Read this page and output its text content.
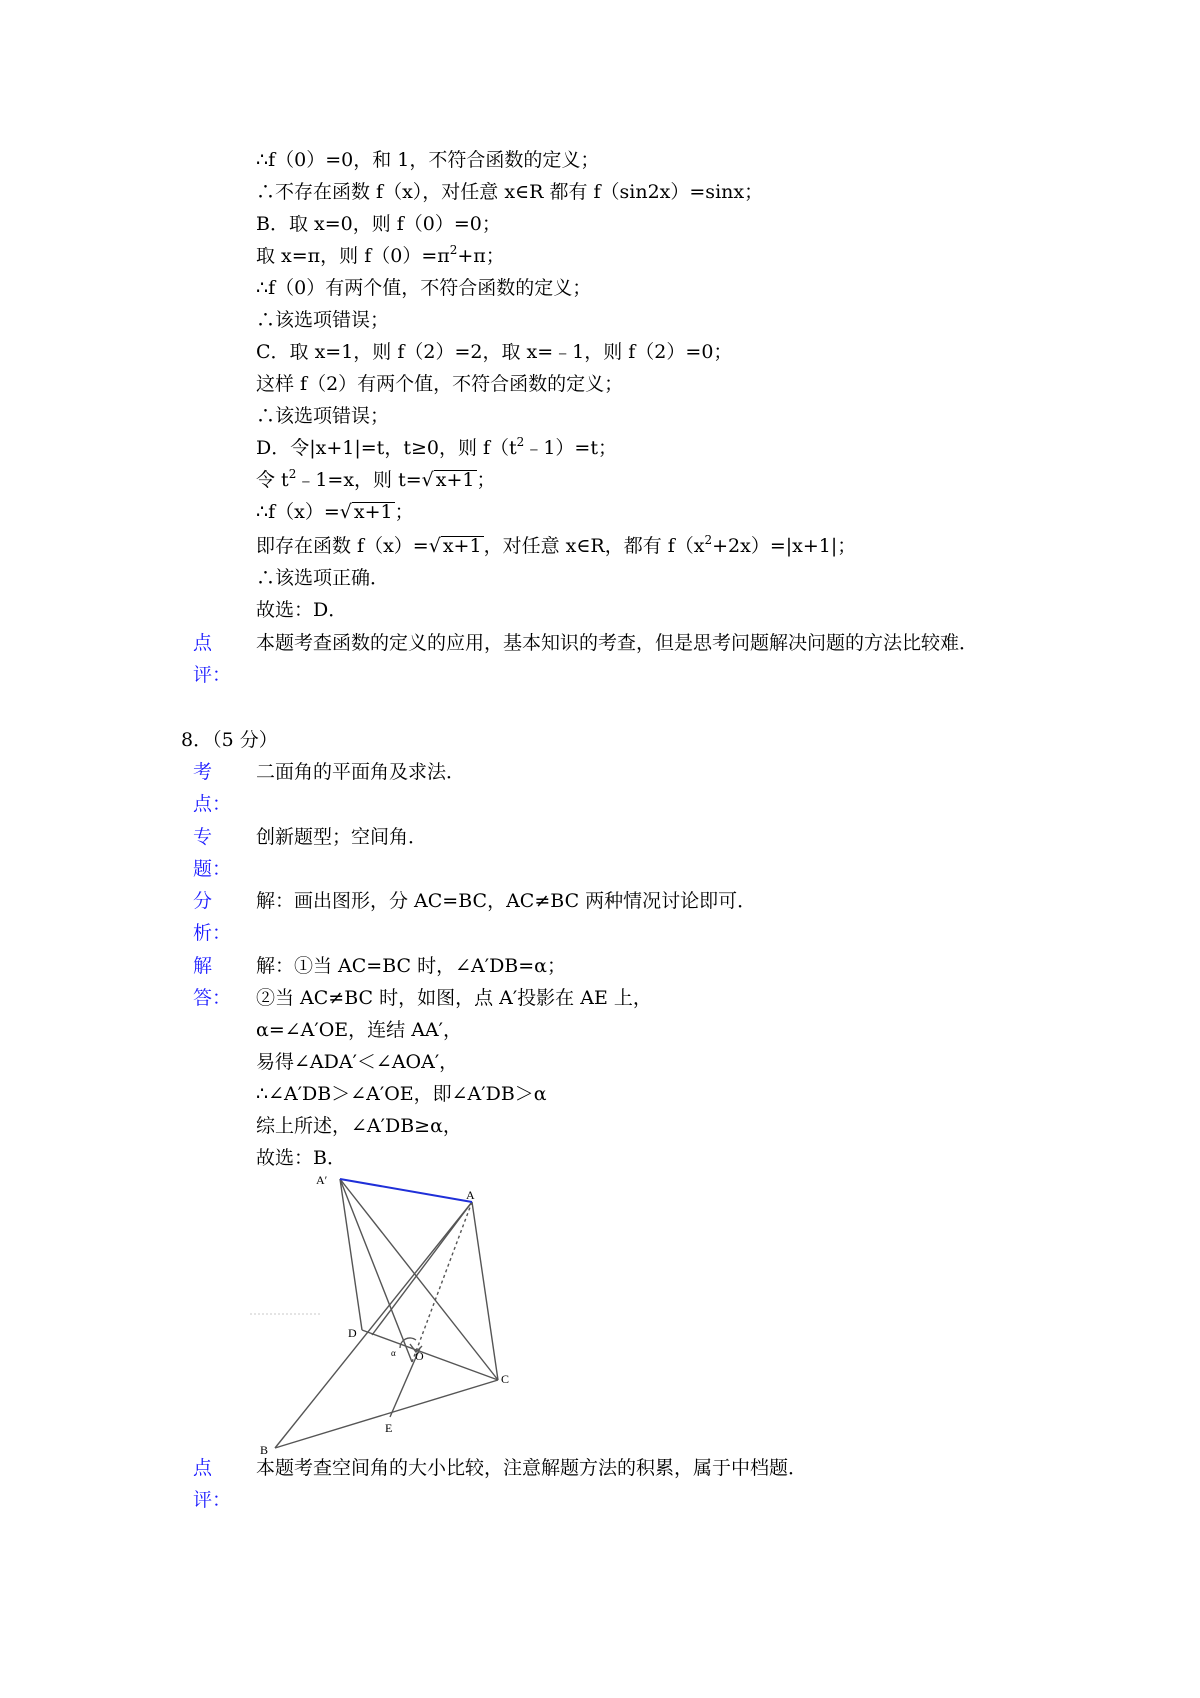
∴f（0）=0，和 1，不符合函数的定义；
∴不存在函数 f（x），对任意 x∈R 都有 f（sin2x）=sinx；
B．取 x=0，则 f（0）=0；
取 x=π，则 $f(0)=\pi^2+\pi$；
∴f（0）有两个值，不符合函数的定义；
∴该选项错误；
C．取 x=1，则 f（2）=2，取 x=﹣1，则 f（2）=0；
这样 f（2）有两个值，不符合函数的定义；
∴该选项错误；
D．令|x+1|=t，t≥0，则 $f(t^2﹣1)=t$；
令 $t^2﹣1=x$，则 t=√ x+1 ；
∴f（x）=√ x+1 ；
即存在函数 f（x）=√ x+1 ，对任意 x∈R，都有 $f(x^2+2x)=|x+1|$；
∴该选项正确．
故选：D．
点
评：
本题考查函数的定义的应用，基本知识的考查，但是思考问题解决问题的方法比较难．
8．（5 分）
考
点：
二面角的平面角及求法．
专
题：
创新题型；空间角．
分
析：
解：画出图形，分 AC=BC，AC≠BC 两种情况讨论即可．
解
答：
解：①当 AC=BC 时，∠A′DB=α；
②当 AC≠BC 时，如图，点 A′投影在 AE 上，
α=∠A′OE，连结 AA′，
易得∠ADA′＜∠AOA′，
∴∠A′DB＞∠A′OE，即∠A′DB＞α
综上所述，∠A′DB≥α，
故选：B．
A′
A
D
O
α
C
E
B
点
评：
本题考查空间角的大小比较，注意解题方法的积累，属于中档题．
